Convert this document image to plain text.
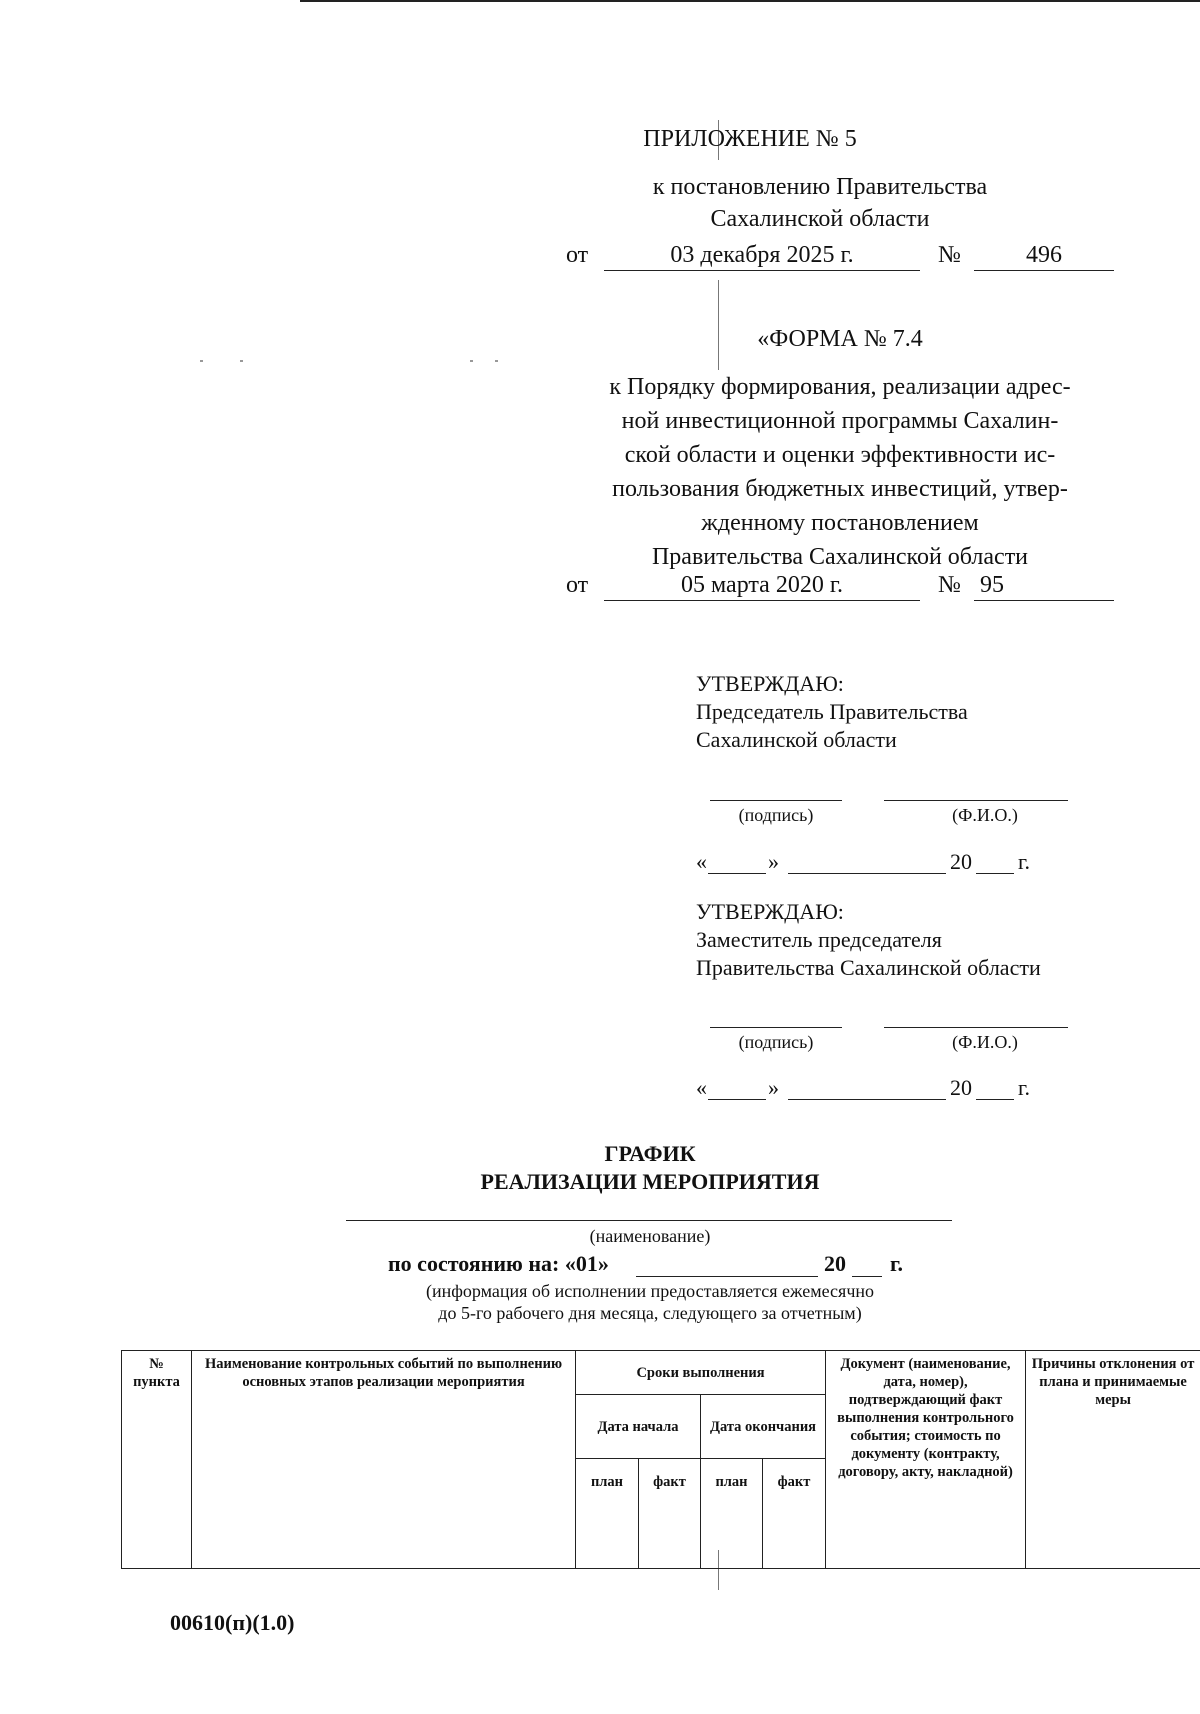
ПРИЛОЖЕНИЕ № 5
к постановлению Правительства
Сахалинской области
от	03 декабря 2025 г.	№	496
«ФОРМА № 7.4
к Порядку формирования, реализации адрес-
ной инвестиционной программы Сахалин-
ской области и оценки эффективности ис-
пользования бюджетных инвестиций, утвер-
жденному постановлением
Правительства Сахалинской области
от	05 марта 2020 г.	№ 95
УТВЕРЖДАЮ:
Председатель Правительства
Сахалинской области
(подпись)	(Ф.И.О.)
«	»	20 г.
УТВЕРЖДАЮ:
Заместитель председателя
Правительства Сахалинской области
(подпись)	(Ф.И.О.)
«	»	20 г.
ГРАФИК
РЕАЛИЗАЦИИ МЕРОПРИЯТИЯ
(наименование)
по состоянию на: «01»	20 г.
(информация об исполнении предоставляется ежемесячно
до 5-го рабочего дня месяца, следующего за отчетным)
№ пункта	Наименование контрольных событий по выполнению основных этапов реализации мероприятия	Сроки выполнения				Документ (наименование, дата, номер), подтверждающий факт выполнения контрольного события; стоимость по документу (контракту, договору, акту, накладной)	Причины отклонения от плана и принимаемые меры
		Дата начала		Дата окончания			
		план	факт	план	факт		
00610(п)(1.0)
